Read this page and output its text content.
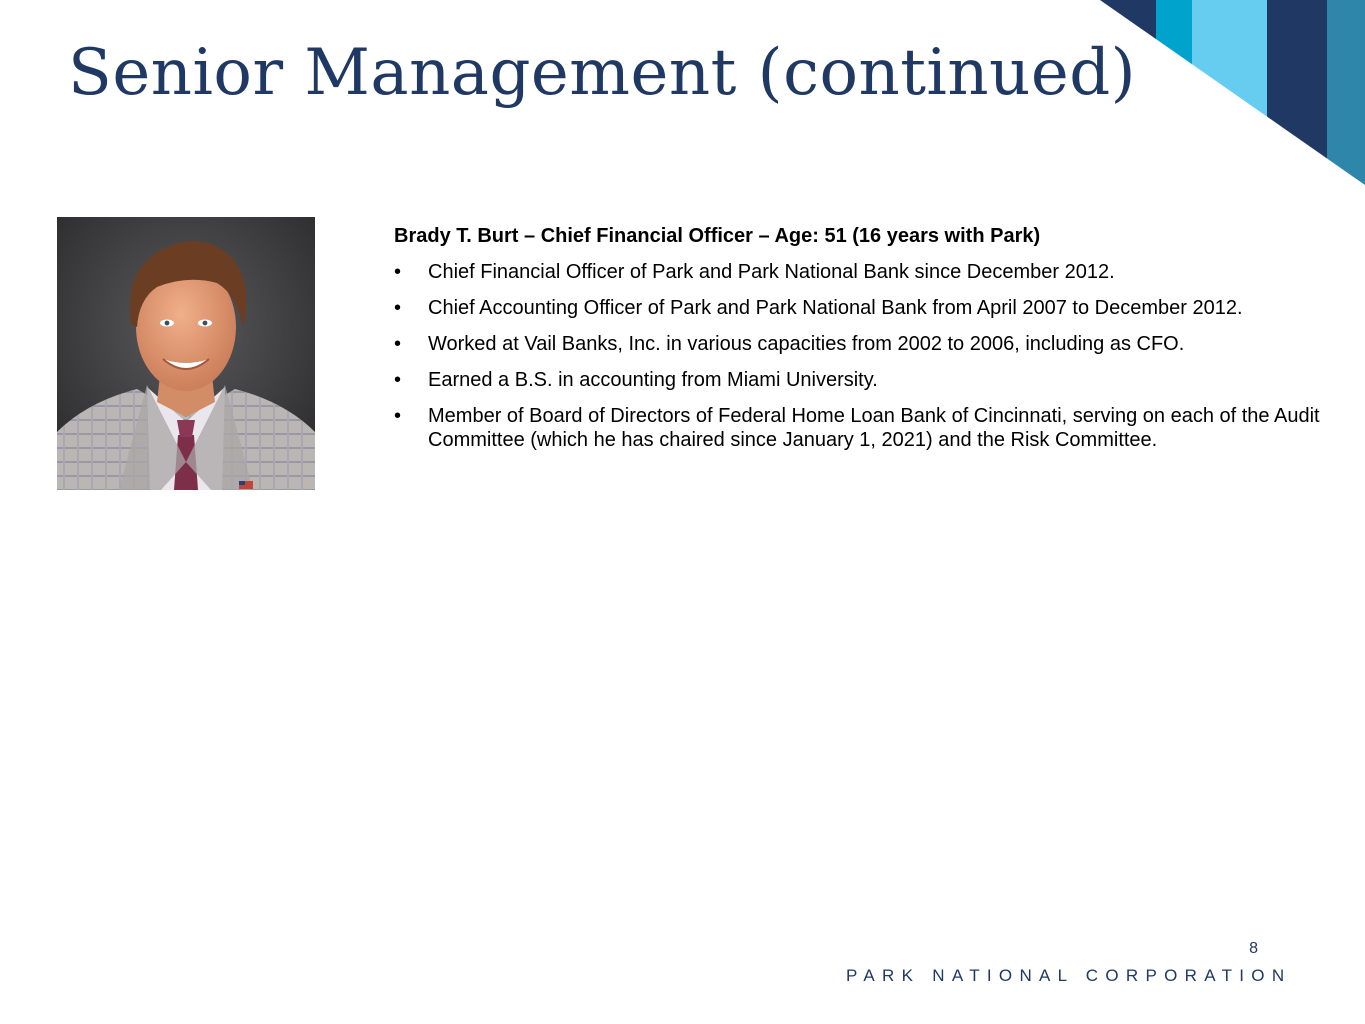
Senior Management (continued)

Brady T. Burt – Chief Financial Officer – Age: 51 (16 years with Park)

• Chief Financial Officer of Park and Park National Bank since December 2012.
• Chief Accounting Officer of Park and Park National Bank from April 2007 to December 2012.
• Worked at Vail Banks, Inc. in various capacities from 2002 to 2006, including as CFO.
• Earned a B.S. in accounting from Miami University.
• Member of Board of Directors of Federal Home Loan Bank of Cincinnati, serving on each of the Audit Committee (which he has chaired since January 1, 2021) and the Risk Committee.
8
PARK NATIONAL CORPORATION
